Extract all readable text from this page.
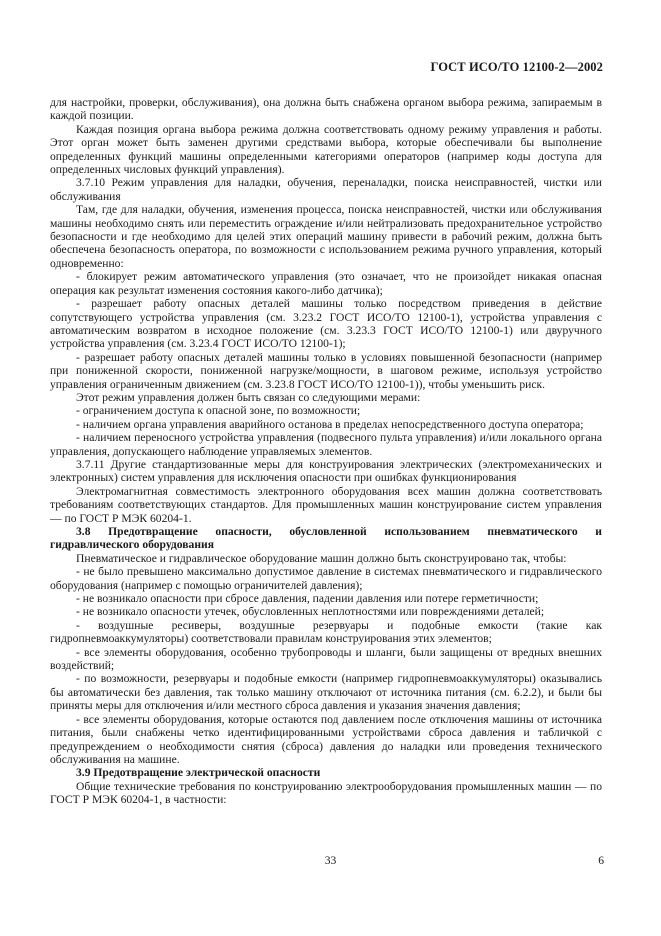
ГОСТ ИСО/ТО 12100-2—2002

для настройки, проверки, обслуживания), она должна быть снабжена органом выбора режима, запираемым в каждой позиции.

Каждая позиция органа выбора режима должна соответствовать одному режиму управления и работы. Этот орган может быть заменен другими средствами выбора, которые обеспечивали бы выполнение определенных функций машины определенными категориями операторов (например коды доступа для определенных числовых функций управления).

3.7.10 Режим управления для наладки, обучения, переналадки, поиска неисправностей, чистки или обслуживания

Там, где для наладки, обучения, изменения процесса, поиска неисправностей, чистки или обслуживания машины необходимо снять или переместить ограждение и/или нейтрализовать предохранительное устройство безопасности и где необходимо для целей этих операций машину привести в рабочий режим, должна быть обеспечена безопасность оператора, по возможности с использованием режима ручного управления, который одновременно:

- блокирует режим автоматического управления (это означает, что не произойдет никакая опасная операция как результат изменения состояния какого-либо датчика);

- разрешает работу опасных деталей машины только посредством приведения в действие сопутствующего устройства управления (см. 3.23.2 ГОСТ ИСО/ТО 12100-1), устройства управления с автоматическим возвратом в исходное положение (см. 3.23.3 ГОСТ ИСО/ТО 12100-1) или двуручного устройства управления (см. 3.23.4 ГОСТ ИСО/ТО 12100-1);

- разрешает работу опасных деталей машины только в условиях повышенной безопасности (например при пониженной скорости, пониженной нагрузке/мощности, в шаговом режиме, используя устройство управления ограниченным движением (см. 3.23.8 ГОСТ ИСО/ТО 12100-1)), чтобы уменьшить риск.

Этот режим управления должен быть связан со следующими мерами:

- ограничением доступа к опасной зоне, по возможности;

- наличием органа управления аварийного останова в пределах непосредственного доступа оператора;

- наличием переносного устройства управления (подвесного пульта управления) и/или локального органа управления, допускающего наблюдение управляемых элементов.

3.7.11 Другие стандартизованные меры для конструирования электрических (электромеханических и электронных) систем управления для исключения опасности при ошибках функционирования

Электромагнитная совместимость электронного оборудования всех машин должна соответствовать требованиям соответствующих стандартов. Для промышленных машин конструирование систем управления — по ГОСТ Р МЭК 60204-1.

3.8 Предотвращение опасности, обусловленной использованием пневматического и гидравлического оборудования

Пневматическое и гидравлическое оборудование машин должно быть сконструировано так, чтобы:

- не было превышено максимально допустимое давление в системах пневматического и гидравлического оборудования (например с помощью ограничителей давления);

- не возникало опасности при сбросе давления, падении давления или потере герметичности;

- не возникало опасности утечек, обусловленных неплотностями или повреждениями деталей;

- воздушные ресиверы, воздушные резервуары и подобные емкости (такие как гидропневмоаккумуляторы) соответствовали правилам конструирования этих элементов;

- все элементы оборудования, особенно трубопроводы и шланги, были защищены от вредных внешних воздействий;

- по возможности, резервуары и подобные емкости (например гидропневмоаккумуляторы) оказывались бы автоматически без давления, так только машину отключают от источника питания (см. 6.2.2), и были бы приняты меры для отключения и/или местного сброса давления и указания значения давления;

- все элементы оборудования, которые остаются под давлением после отключения машины от источника питания, были снабжены четко идентифицированными устройствами сброса давления и табличкой с предупреждением о необходимости снятия (сброса) давления до наладки или проведения технического обслуживания на машине.

3.9 Предотвращение электрической опасности

Общие технические требования по конструированию электрооборудования промышленных машин — по ГОСТ Р МЭК 60204-1, в частности:

33	6
